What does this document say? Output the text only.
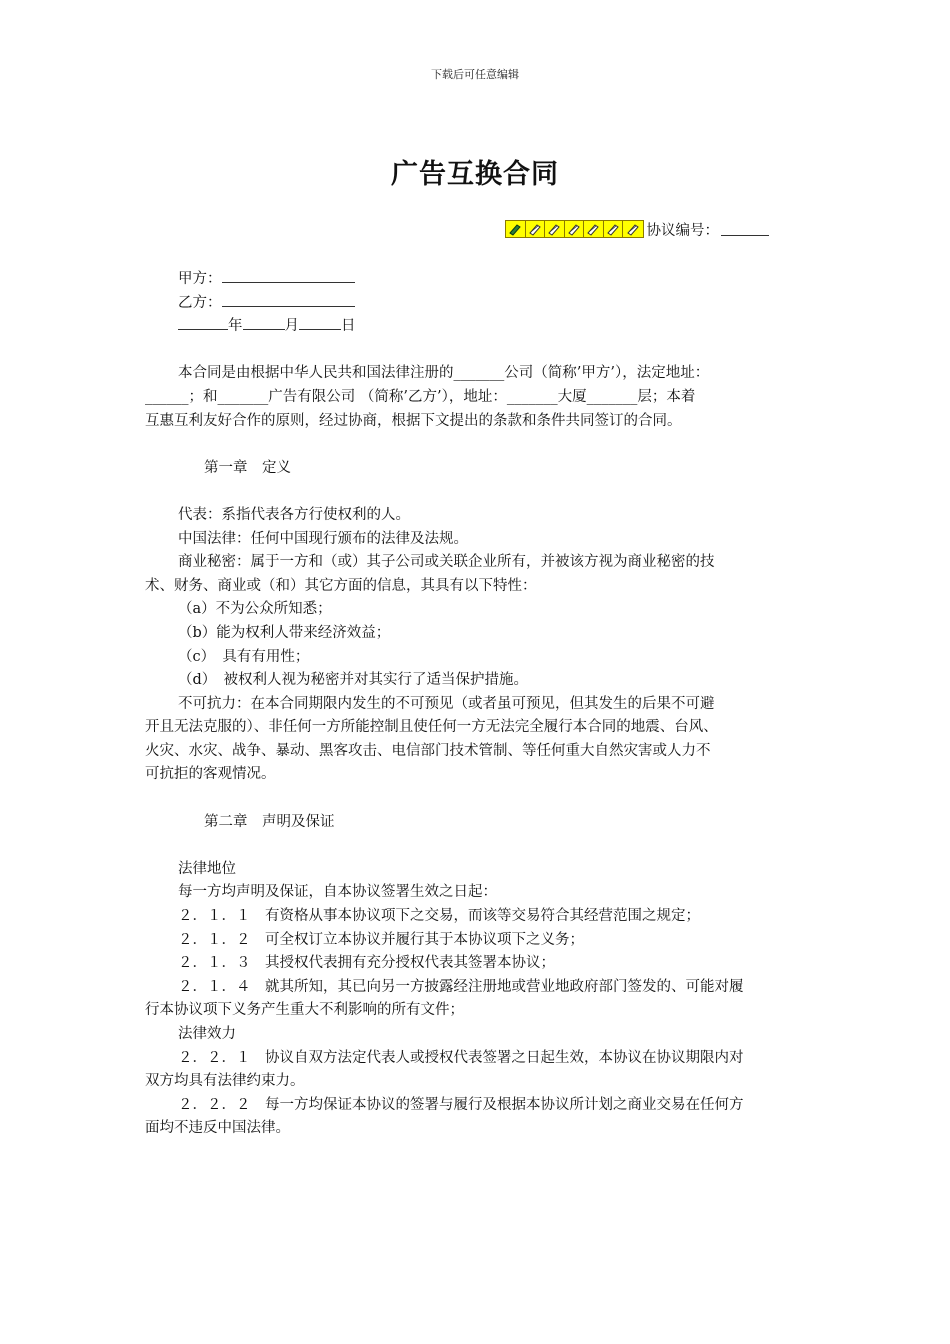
下载后可任意编辑
广告互换合同
协议编号：

甲方：

乙方：

年	月	日

本合同是由根据中华人民共和国法律注册的_______公司（简称’甲方’），法定地址：

______；和_______广告有限公司 （简称’乙方’），地址：_______大厦_______层；本着

互惠互利友好合作的原则，经过协商，根据下文提出的条款和条件共同签订的合同。

第一章　定义

代表：系指代表各方行使权利的人。

中国法律：任何中国现行颁布的法律及法规。

商业秘密：属于一方和（或）其子公司或关联企业所有，并被该方视为商业秘密的技

术、财务、商业或（和）其它方面的信息，其具有以下特性：

（a）不为公众所知悉；

（b）能为权利人带来经济效益；

（c）　具有有用性；

（d）　被权利人视为秘密并对其实行了适当保护措施。

不可抗力：在本合同期限内发生的不可预见（或者虽可预见，但其发生的后果不可避

开且无法克服的）、非任何一方所能控制且使任何一方无法完全履行本合同的地震、台风、

火灾、水灾、战争、暴动、黑客攻击、电信部门技术管制、等任何重大自然灾害或人力不

可抗拒的客观情况。

第二章　声明及保证

法律地位

每一方均声明及保证，自本协议签署生效之日起：

２．１．１　有资格从事本协议项下之交易，而该等交易符合其经营范围之规定；

２．１．２　可全权订立本协议并履行其于本协议项下之义务；

２．１．３　其授权代表拥有充分授权代表其签署本协议；

２．１．４　就其所知，其已向另一方披露经注册地或营业地政府部门签发的、可能对履

行本协议项下义务产生重大不利影响的所有文件；

法律效力

２．２．１　协议自双方法定代表人或授权代表签署之日起生效，本协议在协议期限内对

双方均具有法律约束力。

２．２．２　每一方均保证本协议的签署与履行及根据本协议所计划之商业交易在任何方

面均不违反中国法律。
